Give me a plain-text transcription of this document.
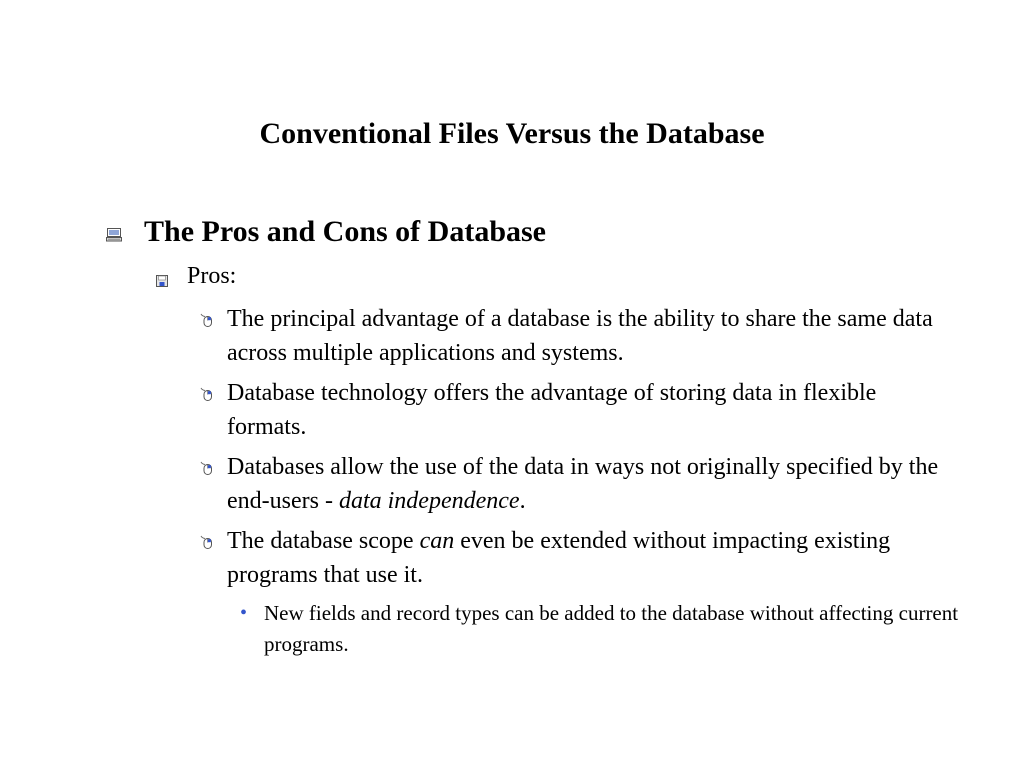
Conventional Files Versus the Database
The Pros and Cons of Database
Pros:
The principal advantage of a database is the ability to share the same data across multiple applications and systems.
Database technology offers the advantage of storing data in flexible formats.
Databases allow the use of the data in ways not originally specified by the end-users - data independence.
The database scope can even be extended without impacting existing programs that use it.
• New fields and record types can be added to the database without affecting current programs.
